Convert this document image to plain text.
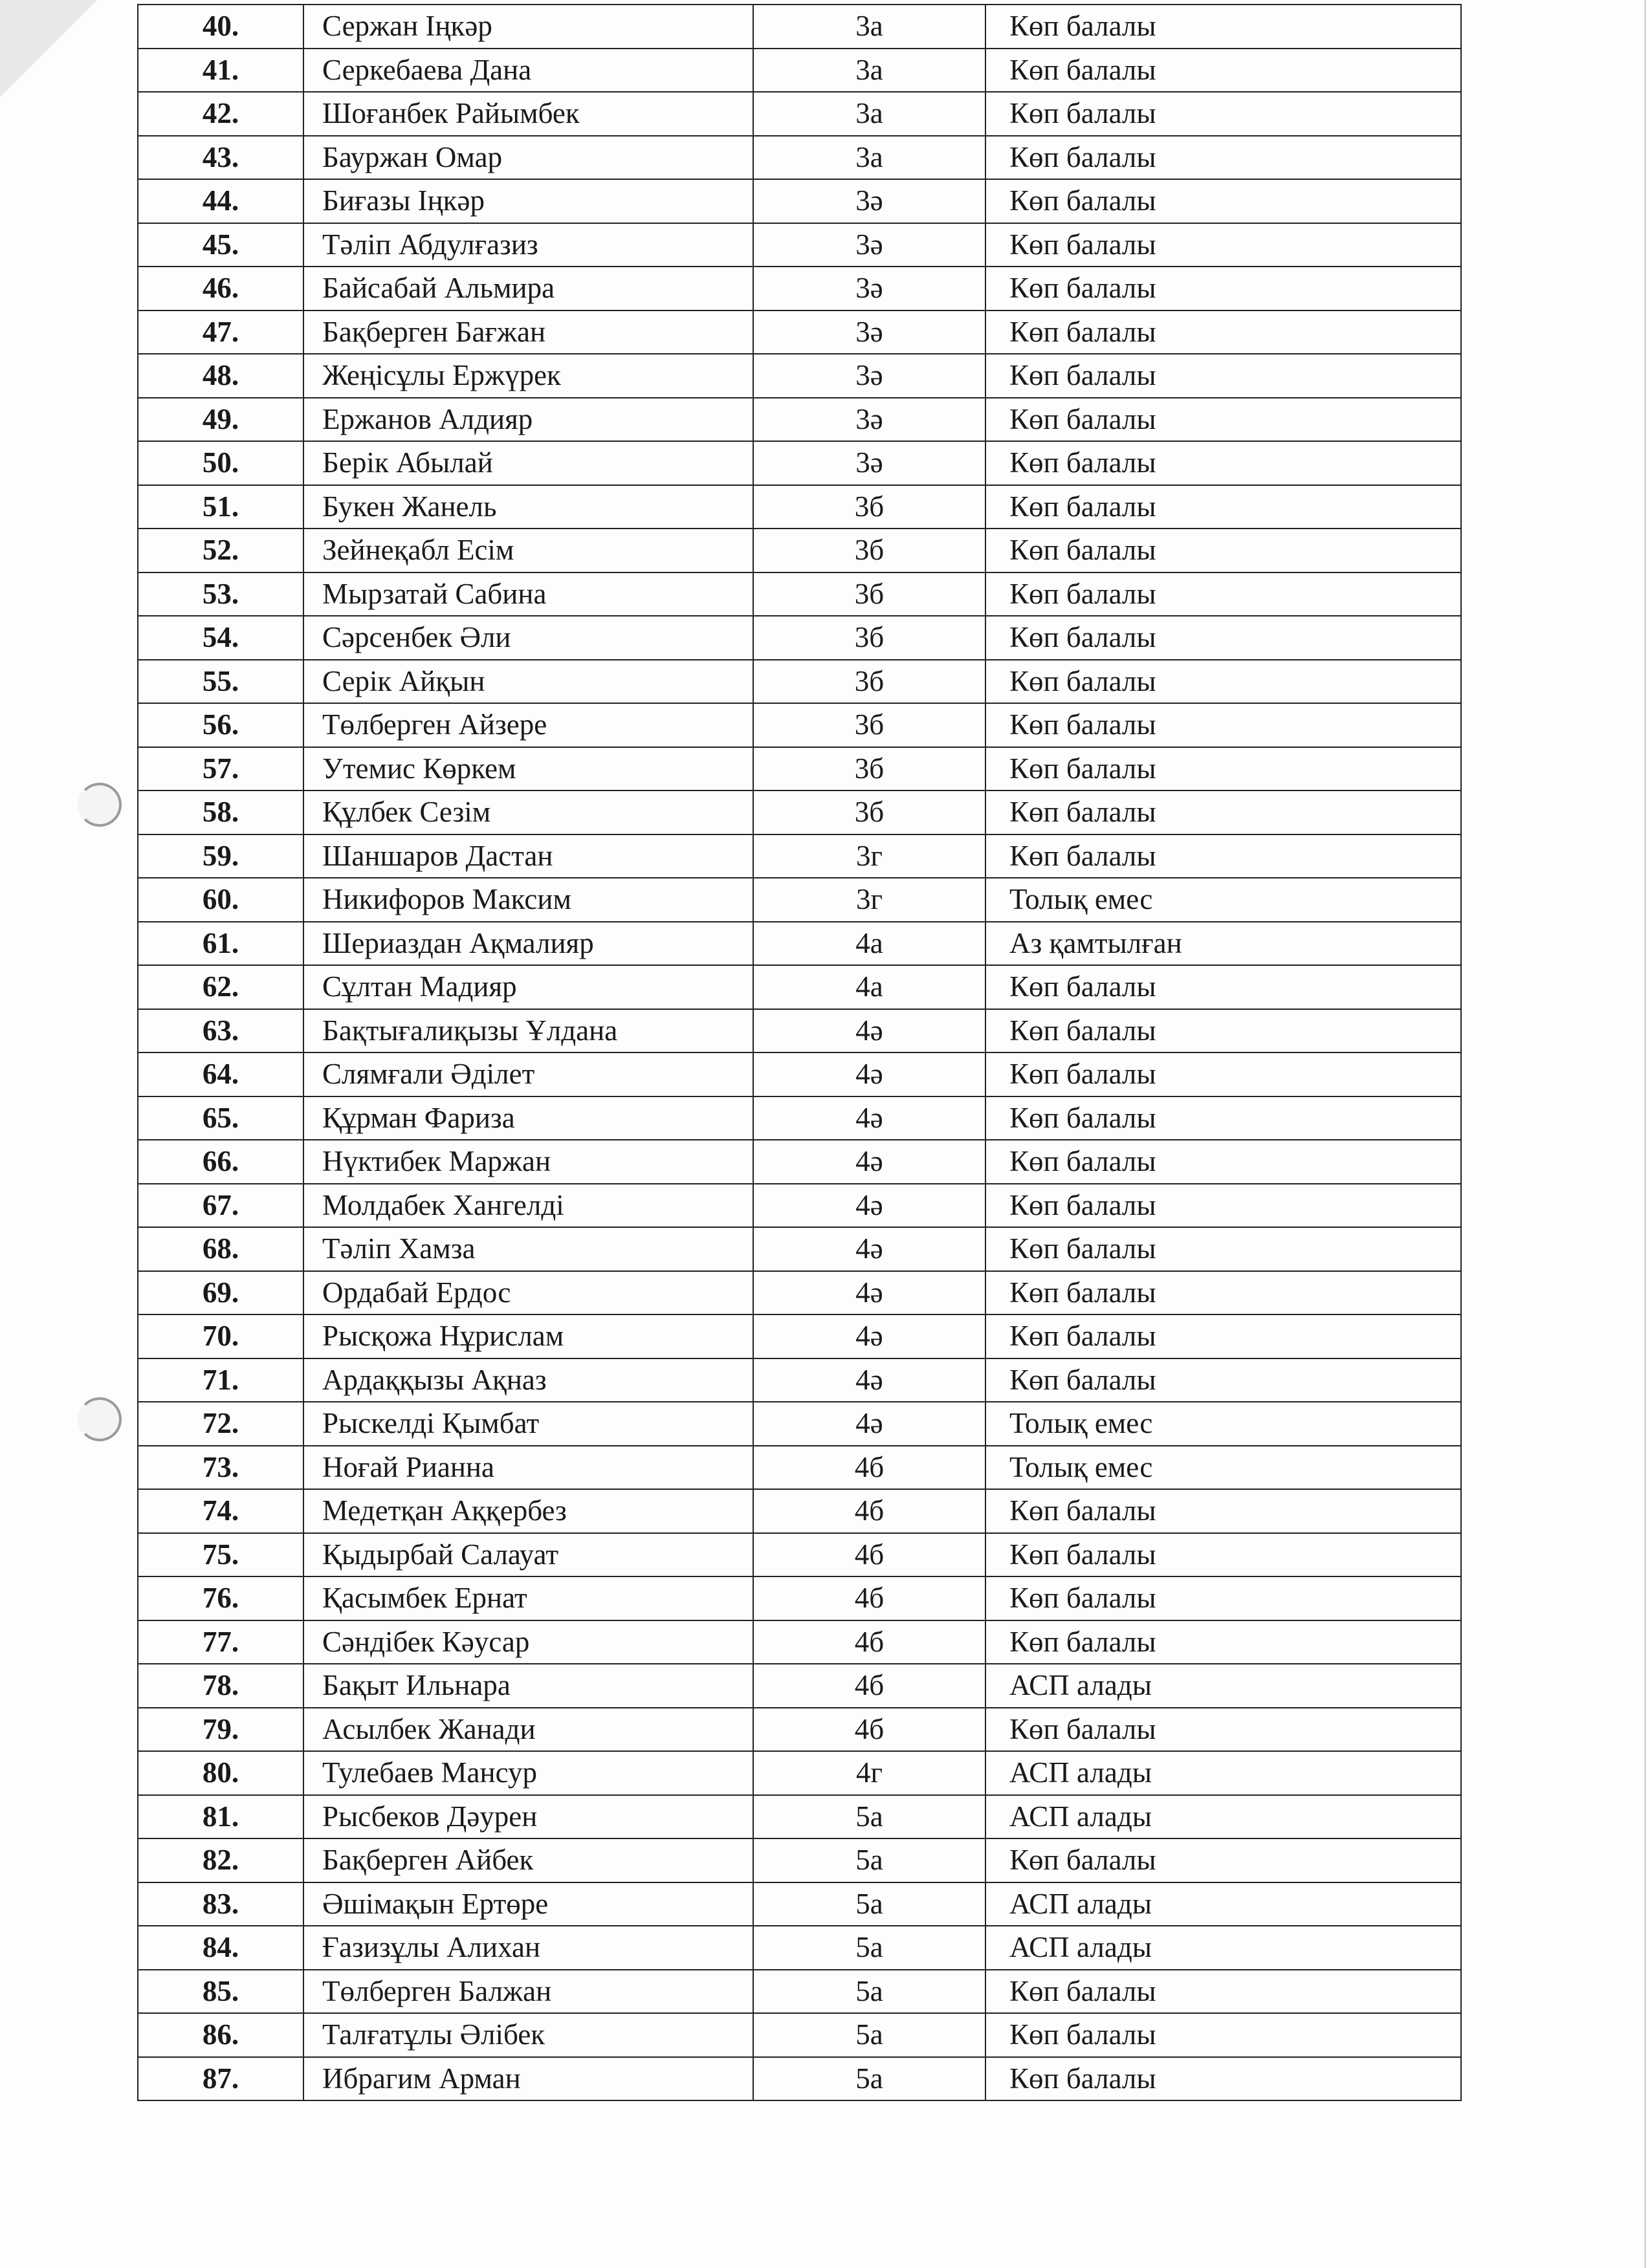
40.	Сержан Іңкәр	3а	Көп балалы
41.	Серкебаева Дана	3а	Көп балалы
42.	Шоғанбек Райымбек	3а	Көп балалы
43.	Бауржан Омар	3а	Көп балалы
44.	Биғазы Іңкәр	3ә	Көп балалы
45.	Тәліп Абдулғазиз	3ә	Көп балалы
46.	Байсабай Альмира	3ә	Көп балалы
47.	Бақберген Бағжан	3ә	Көп балалы
48.	Жеңісұлы Ержүрек	3ә	Көп балалы
49.	Ержанов Алдияр	3ә	Көп балалы
50.	Берік Абылай	3ә	Көп балалы
51.	Букен Жанель	3б	Көп балалы
52.	Зейнеқабл Есім	3б	Көп балалы
53.	Мырзатай Сабина	3б	Көп балалы
54.	Сәрсенбек Әли	3б	Көп балалы
55.	Серік Айқын	3б	Көп балалы
56.	Төлберген Айзере	3б	Көп балалы
57.	Утемис Көркем	3б	Көп балалы
58.	Құлбек Сезім	3б	Көп балалы
59.	Шаншаров Дастан	3г	Көп балалы
60.	Никифоров Максим	3г	Толық емес
61.	Шериаздан Ақмалияр	4а	Аз қамтылған
62.	Сұлтан Мадияр	4а	Көп балалы
63.	Бақтығалиқызы Ұлдана	4ә	Көп балалы
64.	Слямғали Әділет	4ә	Көп балалы
65.	Құрман Фариза	4ә	Көп балалы
66.	Нүктибек Маржан	4ә	Көп балалы
67.	Молдабек Хангелді	4ә	Көп балалы
68.	Тәліп Хамза	4ә	Көп балалы
69.	Ордабай Ердос	4ә	Көп балалы
70.	Рысқожа Нұрислам	4ә	Көп балалы
71.	Ардаққызы Ақназ	4ә	Көп балалы
72.	Рыскелді Қымбат	4ә	Толық емес
73.	Ноғай Рианна	4б	Толық емес
74.	Медетқан Аққербез	4б	Көп балалы
75.	Қыдырбай Салауат	4б	Көп балалы
76.	Қасымбек Ернат	4б	Көп балалы
77.	Сәндібек Кәусар	4б	Көп балалы
78.	Бақыт Ильнара	4б	АСП алады
79.	Асылбек Жанади	4б	Көп балалы
80.	Тулебаев Мансур	4г	АСП алады
81.	Рысбеков Дәурен	5а	АСП алады
82.	Бақберген Айбек	5а	Көп балалы
83.	Әшімақын Ертөре	5а	АСП алады
84.	Ғазизұлы Алихан	5а	АСП алады
85.	Төлберген Балжан	5а	Көп балалы
86.	Талғатұлы Әлібек	5а	Көп балалы
87.	Ибрагим Арман	5а	Көп балалы
